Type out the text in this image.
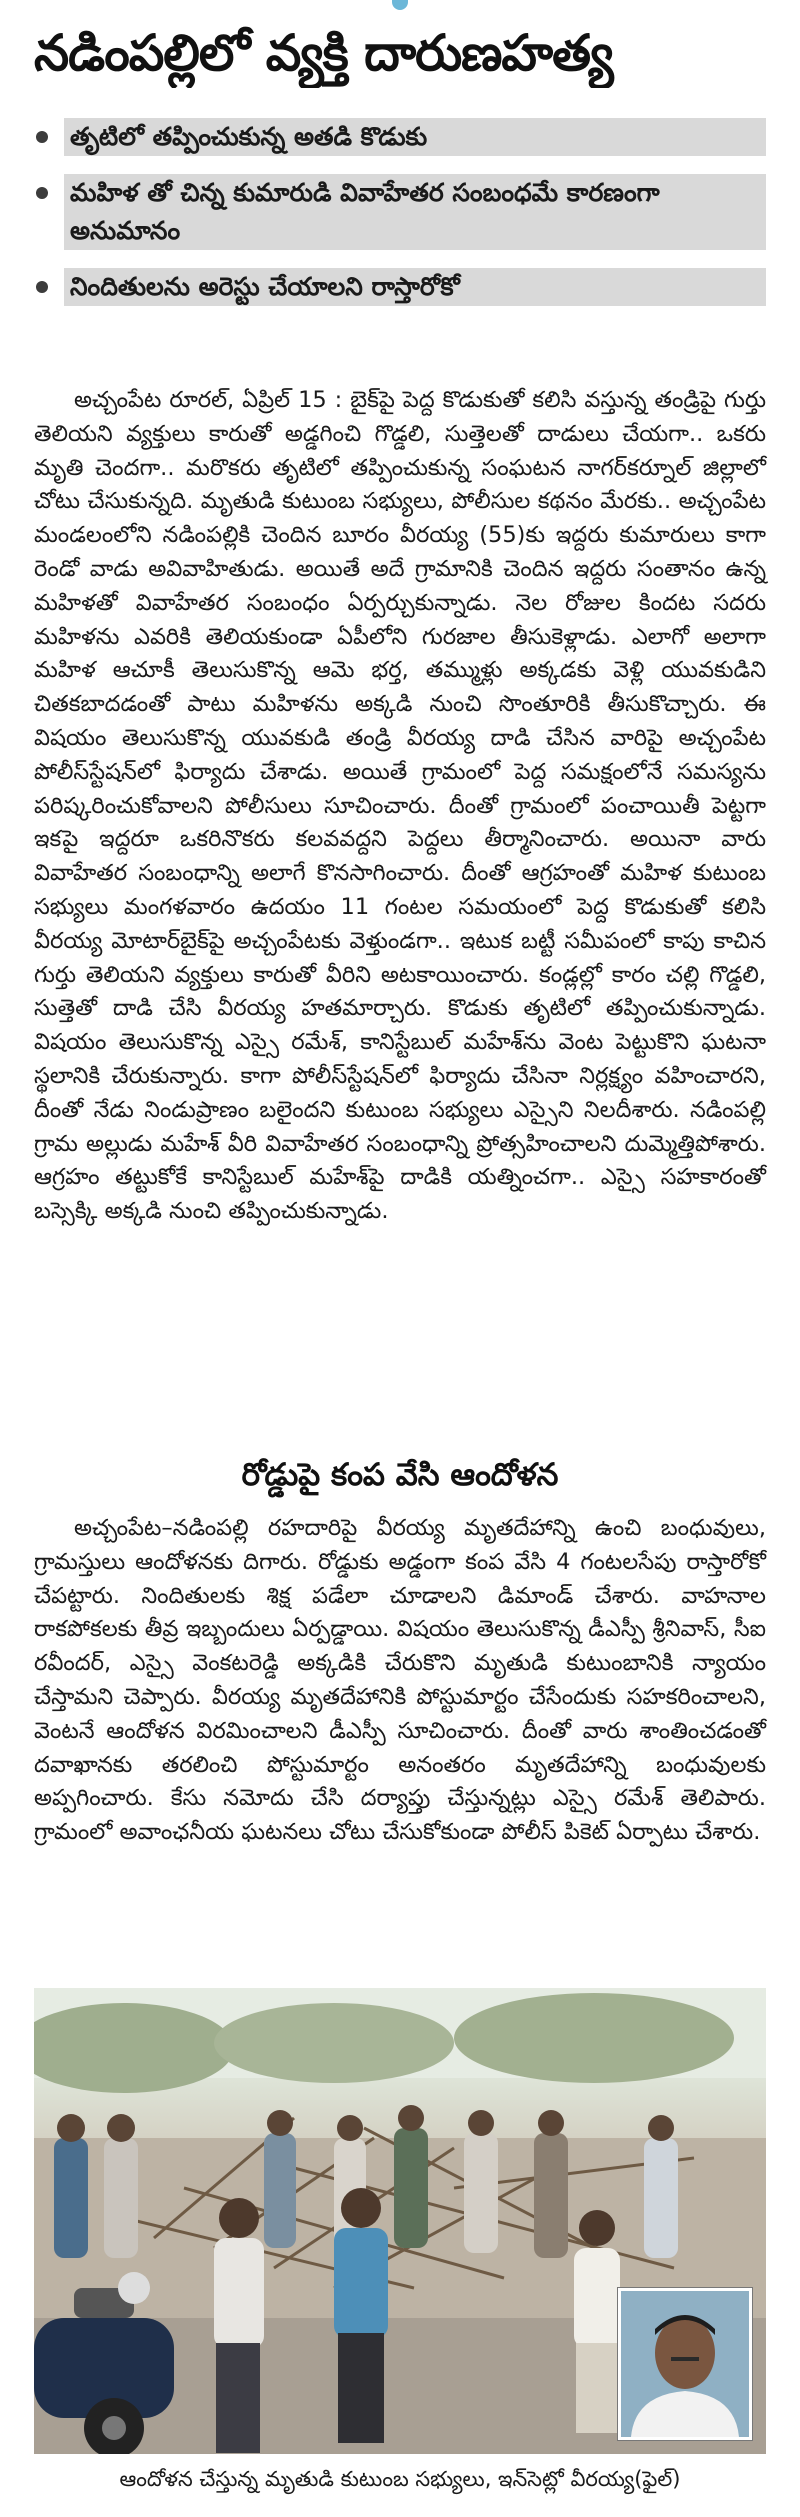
నడింపల్లిలో వ్యక్తి దారుణహత్య
తృటిలో తప్పించుకున్న అతడి కొడుకు
మహిళ తో చిన్న కుమారుడి వివాహేతర సంబంధమే కారణంగా అనుమానం
నిందితులను అరెస్టు చేయాలని రాస్తారోకో

అచ్చంపేట రూరల్, ఏప్రిల్ 15 : బైక్‌పై పెద్ద కొడుకుతో కలిసి వస్తున్న తండ్రిపై గుర్తు తెలియని వ్యక్తులు కారుతో అడ్డగించి గొడ్డలి, సుత్తెలతో దాడులు చేయగా.. ఒకరు మృతి చెందగా.. మరొకరు తృటిలో తప్పించుకున్న సంఘటన నాగర్‌కర్నూల్ జిల్లాలో చోటు చేసుకున్నది. మృతుడి కుటుంబ సభ్యులు, పోలీసుల కథనం మేరకు.. అచ్చంపేట మండలంలోని నడింపల్లికి చెందిన బూరం వీరయ్య (55)కు ఇద్దరు కుమారులు కాగా రెండో వాడు అవివాహితుడు. అయితే అదే గ్రామానికి చెందిన ఇద్దరు సంతానం ఉన్న మహిళతో వివాహేతర సంబంధం ఏర్పర్చుకున్నాడు. నెల రోజుల కిందట సదరు మహిళను ఎవరికి తెలియకుండా ఏపీలోని గురజాల తీసుకెళ్లాడు. ఎలాగో అలాగా మహిళ ఆచూకీ తెలుసుకొన్న ఆమె భర్త, తమ్ముళ్లు అక్కడకు వెళ్లి యువకుడిని చితకబాదడంతో పాటు మహిళను అక్కడి నుంచి సొంతూరికి తీసుకొచ్చారు. ఈ విషయం తెలుసుకొన్న యువకుడి తండ్రి వీరయ్య దాడి చేసిన వారిపై అచ్చంపేట పోలీస్‌స్టేషన్‌లో ఫిర్యాదు చేశాడు. అయితే గ్రామంలో పెద్ద సమక్షంలోనే సమస్యను పరిష్కరించుకోవాలని పోలీసులు సూచించారు. దీంతో గ్రామంలో పంచాయితీ పెట్టగా ఇకపై ఇద్దరూ ఒకరినొకరు కలవవద్దని పెద్దలు తీర్మానించారు. అయినా వారు వివాహేతర సంబంధాన్ని అలాగే కొనసాగించారు. దీంతో ఆగ్రహంతో మహిళ కుటుంబ సభ్యులు మంగళవారం ఉదయం 11 గంటల సమయంలో పెద్ద కొడుకుతో కలిసి వీరయ్య మోటార్‌బైక్‌పై అచ్చంపేటకు వెళ్తుండగా.. ఇటుక బట్టీ సమీపంలో కాపు కాచిన గుర్తు తెలియని వ్యక్తులు కారుతో వీరిని అటకాయించారు. కండ్లల్లో కారం చల్లి గొడ్డలి, సుత్తెతో దాడి చేసి వీరయ్య హతమార్చారు. కొడుకు తృటిలో తప్పించుకున్నాడు. విషయం తెలుసుకొన్న ఎస్సై రమేశ్, కానిస్టేబుల్ మహేశ్‌ను వెంట పెట్టుకొని ఘటనా స్థలానికి చేరుకున్నారు. కాగా పోలీస్‌స్టేషన్‌లో ఫిర్యాదు చేసినా నిర్లక్ష్యం వహించారని, దీంతో నేడు నిండుప్రాణం బలైందని కుటుంబ సభ్యులు ఎస్సైని నిలదీశారు. నడింపల్లి గ్రామ అల్లుడు మహేశ్ వీరి వివాహేతర సంబంధాన్ని ప్రోత్సహించాలని దుమ్మెత్తిపోశారు. ఆగ్రహం తట్టుకోకే కానిస్టేబుల్ మహేశ్‌పై దాడికి యత్నించగా.. ఎస్సై సహకారంతో బస్సెక్కి అక్కడి నుంచి తప్పించుకున్నాడు.

రోడ్డుపై కంప వేసి ఆందోళన

అచ్చంపేట–నడింపల్లి రహదారిపై వీరయ్య మృతదేహాన్ని ఉంచి బంధువులు, గ్రామస్తులు ఆందోళనకు దిగారు. రోడ్డుకు అడ్డంగా కంప వేసి 4 గంటలసేపు రాస్తారోకో చేపట్టారు. నిందితులకు శిక్ష పడేలా చూడాలని డిమాండ్ చేశారు. వాహనాల రాకపోకలకు తీవ్ర ఇబ్బందులు ఏర్పడ్డాయి. విషయం తెలుసుకొన్న డీఎస్పీ శ్రీనివాస్, సీఐ రవీందర్, ఎస్సై వెంకటరెడ్డి అక్కడికి చేరుకొని మృతుడి కుటుంబానికి న్యాయం చేస్తామని చెప్పారు. వీరయ్య మృతదేహానికి పోస్టుమార్టం చేసేందుకు సహకరించాలని, వెంటనే ఆందోళన విరమించాలని డీఎస్పీ సూచించారు. దీంతో వారు శాంతించడంతో దవాఖానకు తరలించి పోస్టుమార్టం అనంతరం మృతదేహాన్ని బంధువులకు అప్పగించారు. కేసు నమోదు చేసి దర్యాప్తు చేస్తున్నట్లు ఎస్సై రమేశ్ తెలిపారు. గ్రామంలో అవాంఛనీయ ఘటనలు చోటు చేసుకోకుండా పోలీస్ పికెట్ ఏర్పాటు చేశారు.

ఆందోళన చేస్తున్న మృతుడి కుటుంబ సభ్యులు, ఇన్‌సెట్లో వీరయ్య(ఫైల్)
